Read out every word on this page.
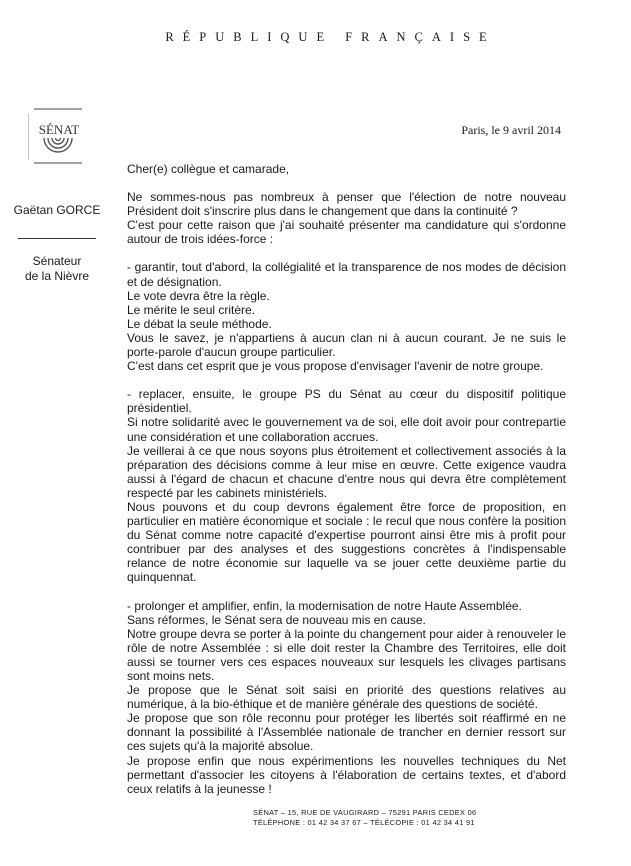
RÉPUBLIQUE FRANÇAISE
SÉNAT
Gaëtan GORCE
Sénateur
de la Nièvre
Paris, le 9 avril 2014

Cher(e) collègue et camarade,

Ne sommes-nous pas nombreux à penser que l'élection de notre nouveau Président doit s'inscrire plus dans le changement que dans la continuité ?

C'est pour cette raison que j'ai souhaité présenter ma candidature qui s'ordonne autour de trois idées-force :

- garantir, tout d'abord, la collégialité et la transparence de nos modes de décision et de désignation.

Le vote devra être la règle.

Le mérite le seul critère.

Le débat la seule méthode.

Vous le savez, je n'appartiens à aucun clan ni à aucun courant. Je ne suis le porte-parole d'aucun groupe particulier.

C'est dans cet esprit que je vous propose d'envisager l'avenir de notre groupe.

- replacer, ensuite, le groupe PS du Sénat au cœur du dispositif politique présidentiel.

Si notre solidarité avec le gouvernement va de soi, elle doit avoir pour contrepartie une considération et une collaboration accrues.

Je veillerai à ce que nous soyons plus étroitement et collectivement associés à la préparation des décisions comme à leur mise en œuvre. Cette exigence vaudra aussi à l'égard de chacun et chacune d'entre nous qui devra être complètement respecté par les cabinets ministériels.

Nous pouvons et du coup devrons également être force de proposition, en particulier en matière économique et sociale : le recul que nous confère la position du Sénat comme notre capacité d'expertise pourront ainsi être mis à profit pour contribuer par des analyses et des suggestions concrètes à l'indispensable relance de notre économie sur laquelle va se jouer cette deuxième partie du quinquennat.

- prolonger et amplifier, enfin, la modernisation de notre Haute Assemblée.

Sans réformes, le Sénat sera de nouveau mis en cause.

Notre groupe devra se porter à la pointe du changement pour aider à renouveler le rôle de notre Assemblée : si elle doit rester la Chambre des Territoires, elle doit aussi se tourner vers ces espaces nouveaux sur lesquels les clivages partisans sont moins nets.

Je propose que le Sénat soit saisi en priorité des questions relatives au numérique, à la bio-éthique et de manière générale des questions de société.

Je propose que son rôle reconnu pour protéger les libertés soit réaffirmé en ne donnant la possibilité à l'Assemblée nationale de trancher en dernier ressort sur ces sujets qu'à la majorité absolue.

Je propose enfin que nous expérimentions les nouvelles techniques du Net permettant d'associer les citoyens à l'élaboration de certains textes, et d'abord ceux relatifs à la jeunesse !

SÉNAT – 15, RUE DE VAUGIRARD – 75291 PARIS CEDEX 06
TÉLÉPHONE : 01 42 34 37 67 – TÉLÉCOPIE : 01 42 34 41 91
